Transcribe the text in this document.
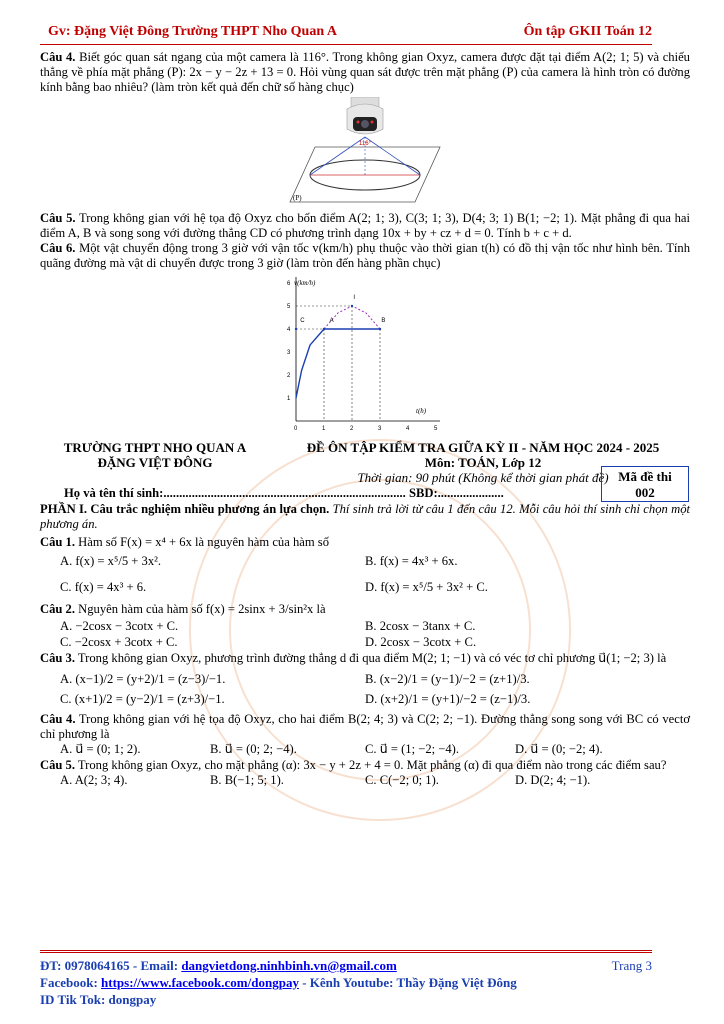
Gv: Đặng Việt Đông Trường THPT Nho Quan A	Ôn tập GKII Toán 12

Câu 4. Biết góc quan sát ngang của một camera là 116°. Trong không gian Oxyz, camera được đặt tại điểm A(2; 1; 5) và chiếu thẳng về phía mặt phẳng (P): 2x − y − 2z + 13 = 0. Hỏi vùng quan sát được trên mặt phẳng (P) của camera là hình tròn có đường kính bằng bao nhiêu? (làm tròn kết quả đến chữ số hàng chục)

116°
(P)

Câu 5. Trong không gian với hệ tọa độ Oxyz cho bốn điểm A(2; 1; 3), C(3; 1; 3), D(4; 3; 1) B(1; −2; 1). Mặt phẳng đi qua hai điểm A, B và song song với đường thẳng CD có phương trình dạng 10x + by + cz + d = 0. Tính b + c + d.

Câu 6. Một vật chuyển động trong 3 giờ với vận tốc v(km/h) phụ thuộc vào thời gian t(h) có đồ thị vận tốc như hình bên. Tính quãng đường mà vật di chuyển được trong 3 giờ (làm tròn đến hàng phần chục)

0	1	2	3	4	5
1
2
3
4
5
6 v(km/h)
t(h)
C	A
I
B
TRƯỜNG THPT NHO QUAN A
ĐẶNG VIỆT ĐÔNG
ĐỀ ÔN TẬP KIỂM TRA GIỮA KỲ II - NĂM HỌC 2024 - 2025
Môn: TOÁN, Lớp 12
Thời gian: 90 phút (Không kể thời gian phát đề) Mã đề thi
002
Họ và tên thí sinh:............................................................................. SBD:.....................

PHẦN I. Câu trắc nghiệm nhiều phương án lựa chọn. Thí sinh trả lời từ câu 1 đến câu 12. Mỗi câu hỏi thí sinh chỉ chọn một phương án.

Câu 1. Hàm số F(x) = x⁴ + 6x là nguyên hàm của hàm số

A. f(x) = x⁵/5 + 3x².	B. f(x) = 4x³ + 6x.
C. f(x) = 4x³ + 6.	D. f(x) = x⁵/5 + 3x² + C.

Câu 2. Nguyên hàm của hàm số f(x) = 2sinx + 3/sin²x là

A. −2cosx − 3cotx + C.	B. 2cosx − 3tanx + C.
C. −2cosx + 3cotx + C.	D. 2cosx − 3cotx + C.

Câu 3. Trong không gian Oxyz, phương trình đường thẳng d đi qua điểm M(2; 1; −1) và có véc tơ chỉ phương u⃗(1; −2; 3) là

A. (x−1)/2 = (y+2)/1 = (z−3)/−1.	B. (x−2)/1 = (y−1)/−2 = (z+1)/3.
C. (x+1)/2 = (y−2)/1 = (z+3)/−1.	D. (x+2)/1 = (y+1)/−2 = (z−1)/3.

Câu 4. Trong không gian với hệ tọa độ Oxyz, cho hai điểm B(2; 4; 3) và C(2; 2; −1). Đường thẳng song song với BC có vectơ chỉ phương là

A. u⃗ = (0; 1; 2).	B. u⃗ = (0; 2; −4).	C. u⃗ = (1; −2; −4).	D. u⃗ = (0; −2; 4).

Câu 5. Trong không gian Oxyz, cho mặt phẳng (α): 3x − y + 2z + 4 = 0. Mặt phẳng (α) đi qua điểm nào trong các điểm sau?

A. A(2; 3; 4).	B. B(−1; 5; 1).	C. C(−2; 0; 1).	D. D(2; 4; −1).
ĐT: 0978064165 - Email: dangvietdong.ninhbinh.vn@gmail.com	Trang 3
Facebook: https://www.facebook.com/dongpay - Kênh Youtube: Thầy Đặng Việt Đông
ID Tik Tok: dongpay
